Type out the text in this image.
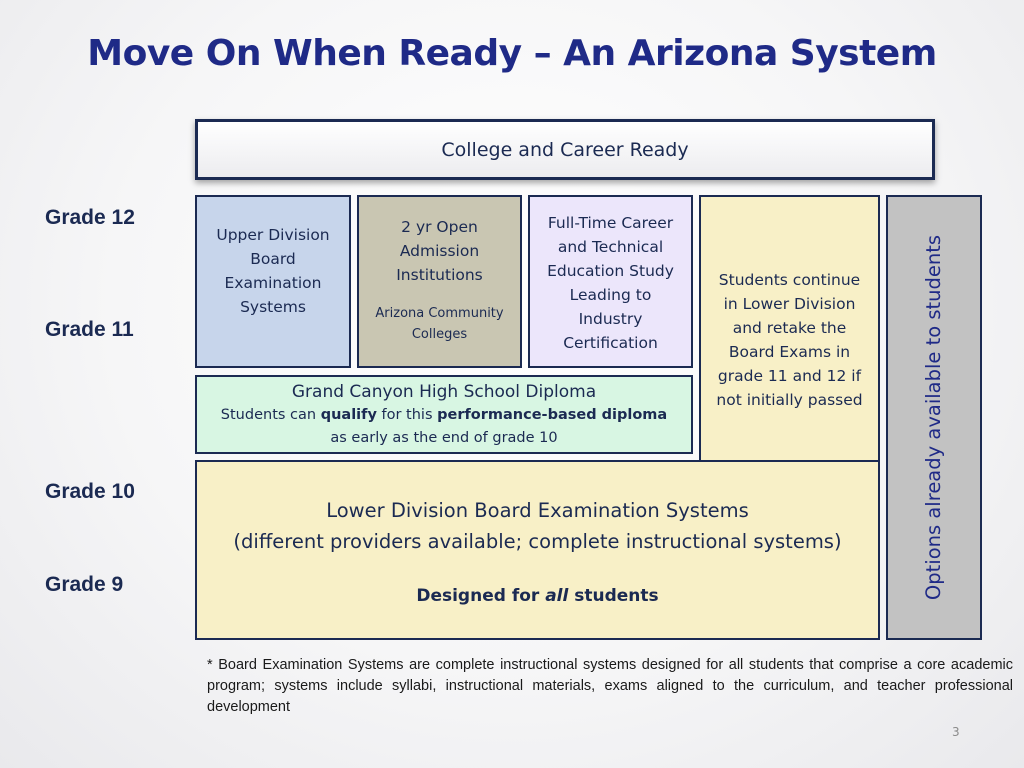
Move On When Ready – An Arizona System
College and Career Ready
Upper Division
Board
Examination
Systems
2 yr Open
Admission
Institutions
Arizona Community
Colleges
Full-Time Career
and Technical
Education Study
Leading to
Industry
Certification
Students continue
in Lower Division
and retake the
Board Exams in
grade 11 and 12 if
not initially passed	Options already available to students
Grand Canyon High School Diploma
Students can qualify for this performance-based diploma
as early as the end of grade 10
Lower Division Board Examination Systems
(different providers available; complete instructional systems)
Designed for all students
Grade 12
Grade 11
Grade 10
Grade 9
* Board Examination Systems are complete instructional systems designed for all students that comprise a core academic program; systems include syllabi, instructional materials, exams aligned to the curriculum, and teacher professional development
3
